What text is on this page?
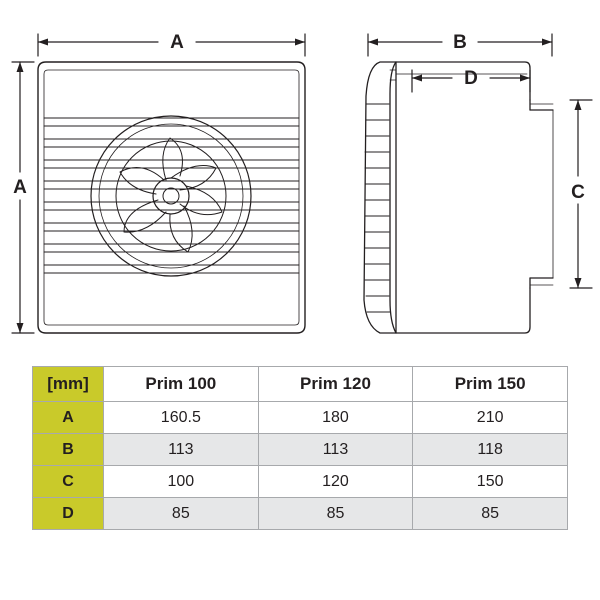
A
A
B
D
C
[mm]	Prim 100	Prim 120	Prim 150
A	160.5	180	210
B	113	113	118
C	100	120	150
D	85	85	85
